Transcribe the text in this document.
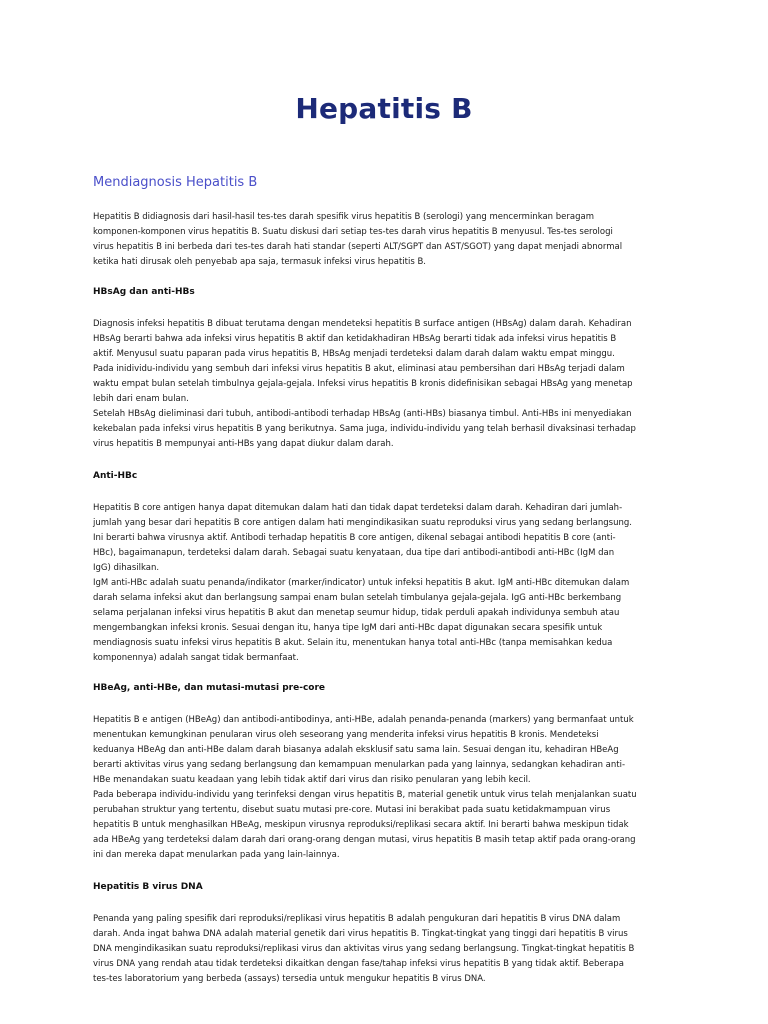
Hepatitis B
Mendiagnosis Hepatitis B

Hepatitis B didiagnosis dari hasil-hasil tes-tes darah spesifik virus hepatitis B (serologi) yang mencerminkan beragam
komponen-komponen virus hepatitis B. Suatu diskusi dari setiap tes-tes darah virus hepatitis B menyusul. Tes-tes serologi
virus hepatitis B ini berbeda dari tes-tes darah hati standar (seperti ALT/SGPT dan AST/SGOT) yang dapat menjadi abnormal
ketika hati dirusak oleh penyebab apa saja, termasuk infeksi virus hepatitis B.

HBsAg dan anti-HBs

Diagnosis infeksi hepatitis B dibuat terutama dengan mendeteksi hepatitis B surface antigen (HBsAg) dalam darah. Kehadiran
HBsAg berarti bahwa ada infeksi virus hepatitis B aktif dan ketidakhadiran HBsAg berarti tidak ada infeksi virus hepatitis B
aktif. Menyusul suatu paparan pada virus hepatitis B, HBsAg menjadi terdeteksi dalam darah dalam waktu empat minggu.
Pada inidividu-individu yang sembuh dari infeksi virus hepatitis B akut, eliminasi atau pembersihan dari HBsAg terjadi dalam
waktu empat bulan setelah timbulnya gejala-gejala. Infeksi virus hepatitis B kronis didefinisikan sebagai HBsAg yang menetap
lebih dari enam bulan.
Setelah HBsAg dieliminasi dari tubuh, antibodi-antibodi terhadap HBsAg (anti-HBs) biasanya timbul. Anti-HBs ini menyediakan
kekebalan pada infeksi virus hepatitis B yang berikutnya. Sama juga, individu-individu yang telah berhasil divaksinasi terhadap
virus hepatitis B mempunyai anti-HBs yang dapat diukur dalam darah.

Anti-HBc

Hepatitis B core antigen hanya dapat ditemukan dalam hati dan tidak dapat terdeteksi dalam darah. Kehadiran dari jumlah-
jumlah yang besar dari hepatitis B core antigen dalam hati mengindikasikan suatu reproduksi virus yang sedang berlangsung.
Ini berarti bahwa virusnya aktif. Antibodi terhadap hepatitis B core antigen, dikenal sebagai antibodi hepatitis B core (anti-
HBc), bagaimanapun, terdeteksi dalam darah. Sebagai suatu kenyataan, dua tipe dari antibodi-antibodi anti-HBc (IgM dan
IgG) dihasilkan.
IgM anti-HBc adalah suatu penanda/indikator (marker/indicator) untuk infeksi hepatitis B akut. IgM anti-HBc ditemukan dalam
darah selama infeksi akut dan berlangsung sampai enam bulan setelah timbulanya gejala-gejala. IgG anti-HBc berkembang
selama perjalanan infeksi virus hepatitis B akut dan menetap seumur hidup, tidak perduli apakah individunya sembuh atau
mengembangkan infeksi kronis. Sesuai dengan itu, hanya tipe IgM dari anti-HBc dapat digunakan secara spesifik untuk
mendiagnosis suatu infeksi virus hepatitis B akut. Selain itu, menentukan hanya total anti-HBc (tanpa memisahkan kedua
komponennya) adalah sangat tidak bermanfaat.

HBeAg, anti-HBe, dan mutasi-mutasi pre-core

Hepatitis B e antigen (HBeAg) dan antibodi-antibodinya, anti-HBe, adalah penanda-penanda (markers) yang bermanfaat untuk
menentukan kemungkinan penularan virus oleh seseorang yang menderita infeksi virus hepatitis B kronis. Mendeteksi
keduanya HBeAg dan anti-HBe dalam darah biasanya adalah eksklusif satu sama lain. Sesuai dengan itu, kehadiran HBeAg
berarti aktivitas virus yang sedang berlangsung dan kemampuan menularkan pada yang lainnya, sedangkan kehadiran anti-
HBe menandakan suatu keadaan yang lebih tidak aktif dari virus dan risiko penularan yang lebih kecil.
Pada beberapa individu-individu yang terinfeksi dengan virus hepatitis B, material genetik untuk virus telah menjalankan suatu
perubahan struktur yang tertentu, disebut suatu mutasi pre-core. Mutasi ini berakibat pada suatu ketidakmampuan virus
hepatitis B untuk menghasilkan HBeAg, meskipun virusnya reproduksi/replikasi secara aktif. Ini berarti bahwa meskipun tidak
ada HBeAg yang terdeteksi dalam darah dari orang-orang dengan mutasi, virus hepatitis B masih tetap aktif pada orang-orang
ini dan mereka dapat menularkan pada yang lain-lainnya.

Hepatitis B virus DNA

Penanda yang paling spesifik dari reproduksi/replikasi virus hepatitis B adalah pengukuran dari hepatitis B virus DNA dalam
darah. Anda ingat bahwa DNA adalah material genetik dari virus hepatitis B. Tingkat-tingkat yang tinggi dari hepatitis B virus
DNA mengindikasikan suatu reproduksi/replikasi virus dan aktivitas virus yang sedang berlangsung. Tingkat-tingkat hepatitis B
virus DNA yang rendah atau tidak terdeteksi dikaitkan dengan fase/tahap infeksi virus hepatitis B yang tidak aktif. Beberapa
tes-tes laboratorium yang berbeda (assays) tersedia untuk mengukur hepatitis B virus DNA.
